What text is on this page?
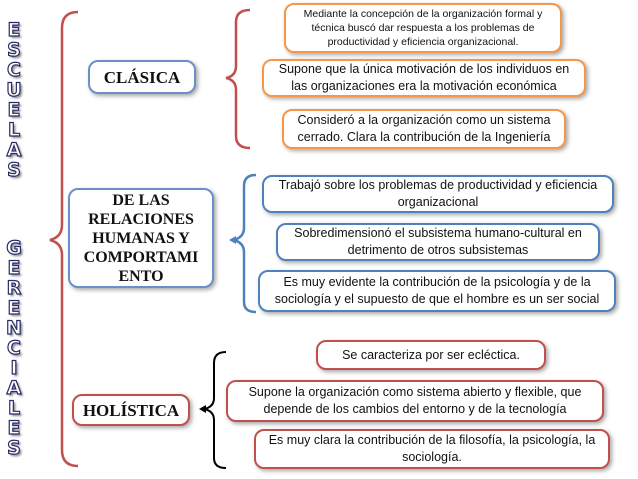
E
S
C
U
E
L
A
S
G
E
R
E
N
C
I
A
L
E
S
CLÁSICA
DE LAS
RELACIONES
HUMANAS Y
COMPORTAMI
ENTO
HOLÍSTICA
Mediante la concepción de la organización formal y técnica buscó dar respuesta a los problemas de productividad y eficiencia organizacional.
Supone que la única motivación de los individuos en las organizaciones era la motivación económica
Consideró a la organización como un sistema cerrado. Clara la contribución de la Ingeniería
Trabajó sobre los problemas de productividad y eficiencia organizacional
Sobredimensionó el subsistema humano-cultural en detrimento de otros subsistemas
Es muy evidente la contribución de la psicología y de la sociología y el supuesto de que el hombre es un ser social
Se caracteriza por ser ecléctica.
Supone la organización como sistema abierto y flexible, que depende de los cambios del entorno y de la tecnología
Es muy clara la contribución de la filosofía, la psicología, la sociología.
